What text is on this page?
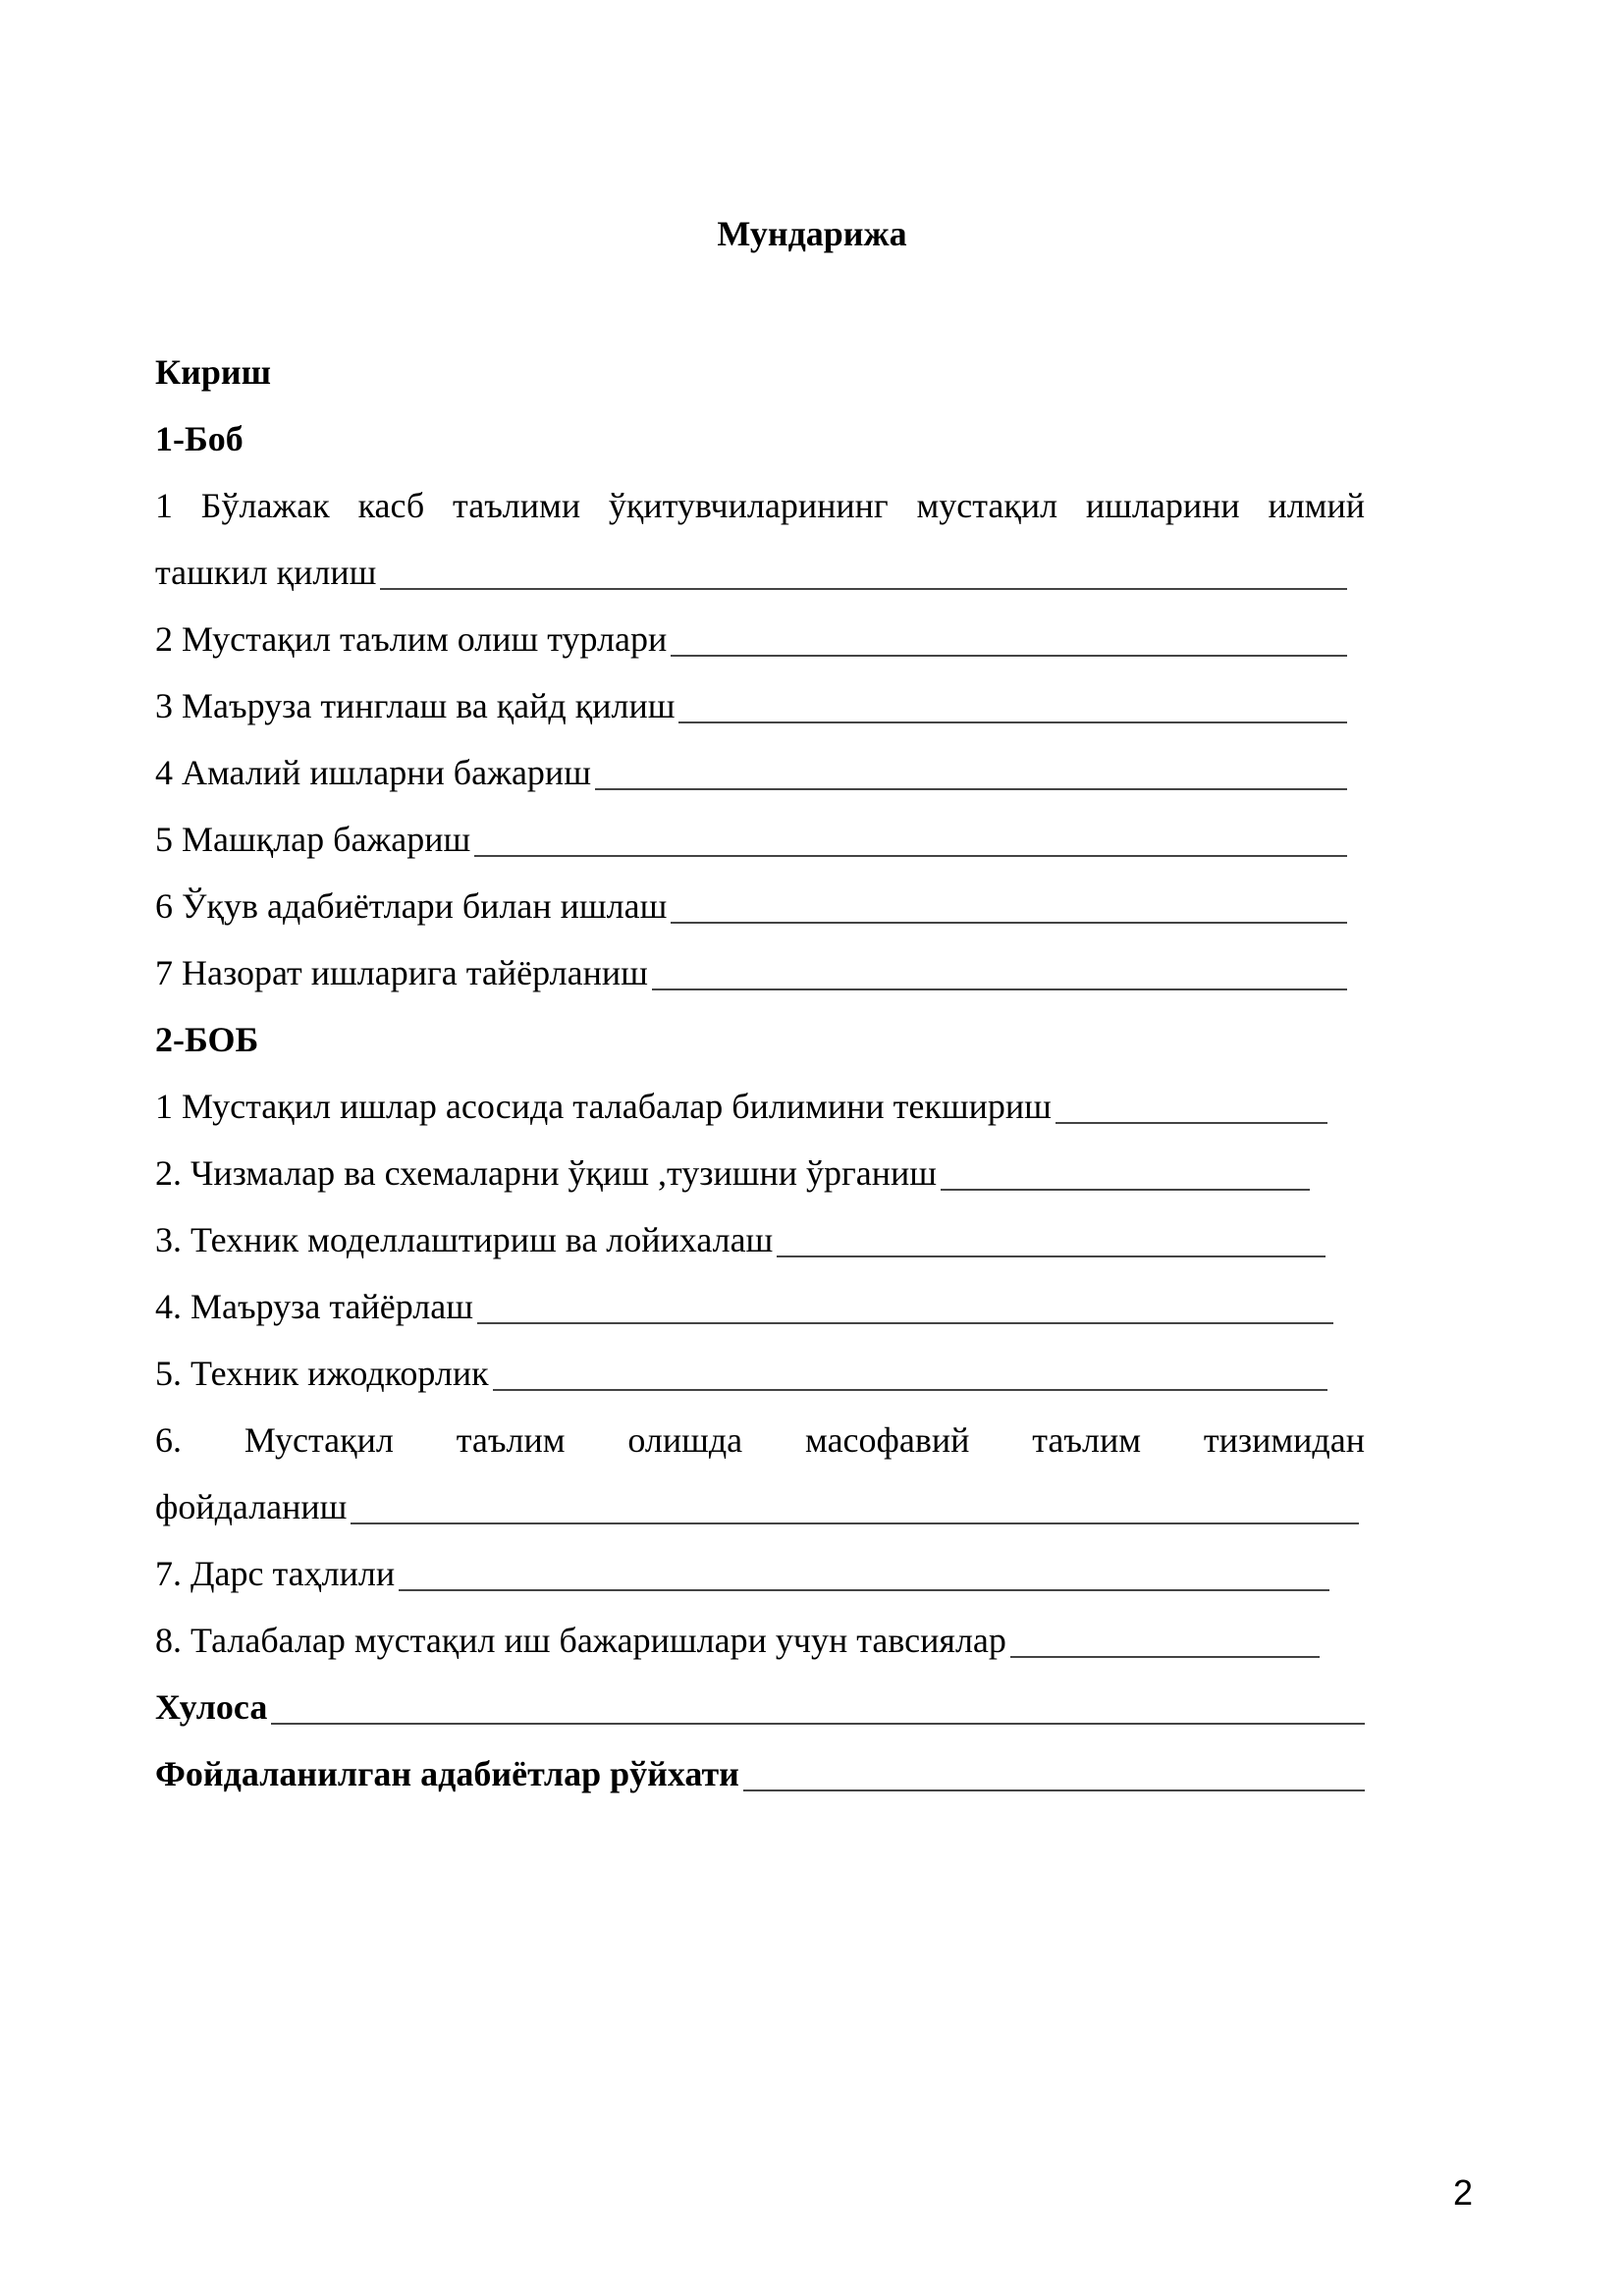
Мундарижа
Кириш
1-Боб
1 Бўлажак касб таълими ўқитувчиларининг мустақил ишларини илмий
ташкил қилиш
2 Мустақил таълим олиш турлари
3 Маъруза тинглаш ва қайд қилиш
4 Амалий ишларни бажариш
5 Машқлар бажариш
6 Ўқув адабиётлари билан ишлаш
7 Назорат ишларига тайёрланиш
2-БОБ
1 Мустақил ишлар асосида талабалар билимини текшириш
2. Чизмалар ва схемаларни ўқиш ,тузишни ўрганиш
3. Техник моделлаштириш ва лойихалаш
4. Маъруза тайёрлаш
5. Техник ижодкорлик
6. Мустақил таълим олишда масофавий таълим тизимидан
фойдаланиш
7. Дарс таҳлили
8. Талабалар мустақил иш бажаришлари учун тавсиялар
Хулоса
Фойдаланилган адабиётлар рўйхати
2
